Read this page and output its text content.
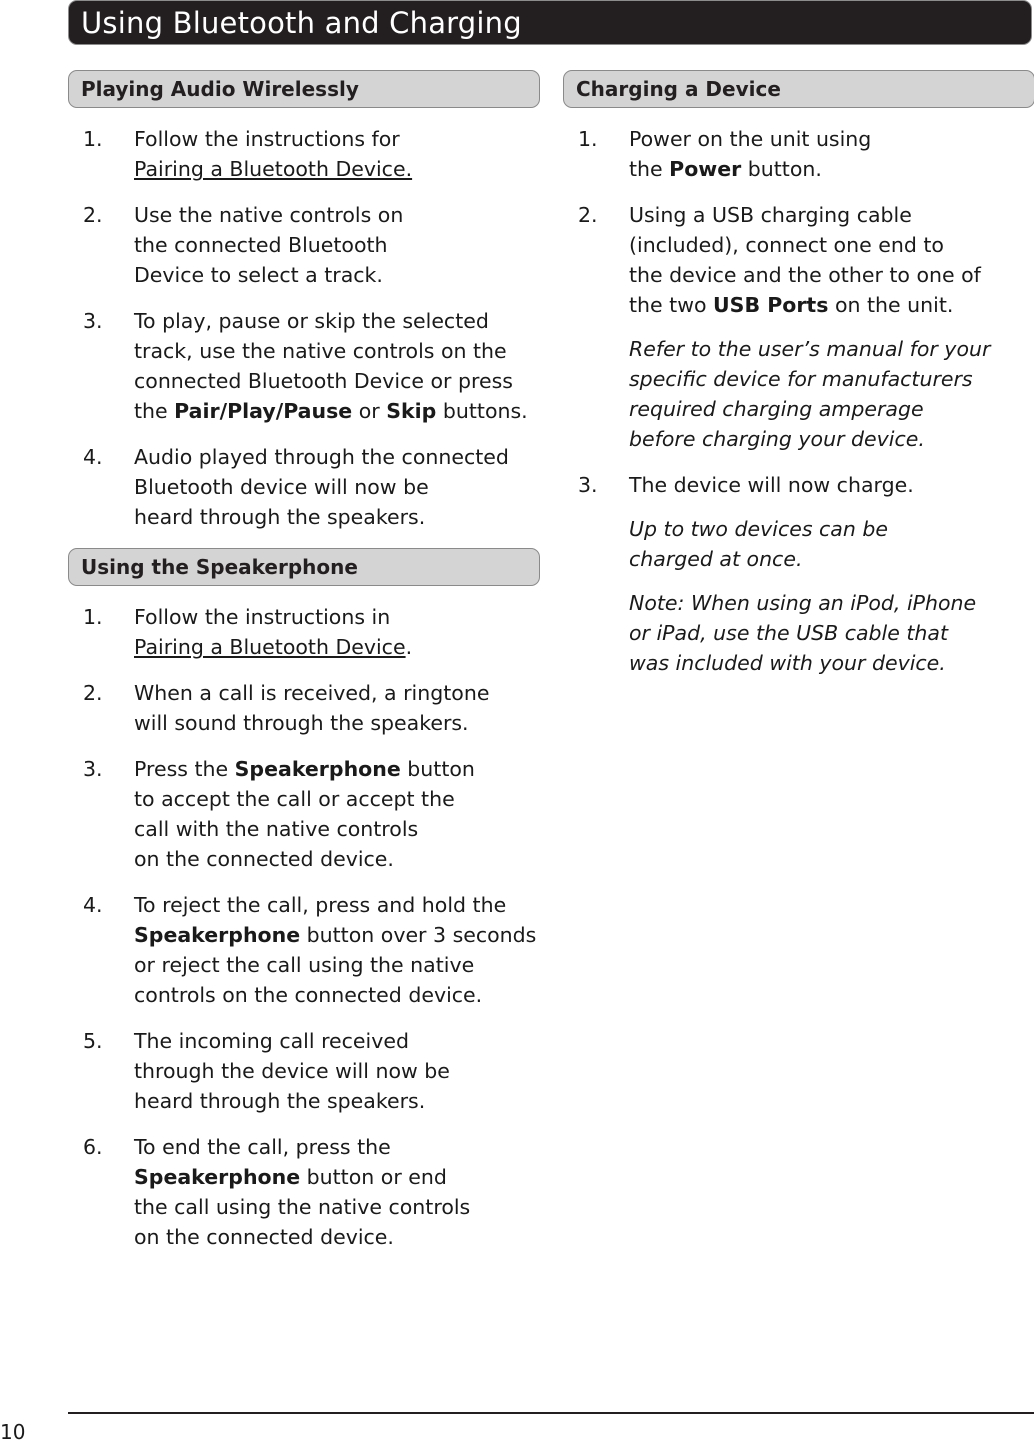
Using Bluetooth and Charging
Playing Audio Wirelessly
1. Follow the instructions for
Pairing a Bluetooth Device.
2. Use the native controls on
the connected Bluetooth
Device to select a track.
3. To play, pause or skip the selected
track, use the native controls on the
connected Bluetooth Device or press
the Pair/Play/Pause or Skip buttons.
4. Audio played through the connected
Bluetooth device will now be
heard through the speakers.
Using the Speakerphone
1. Follow the instructions in
Pairing a Bluetooth Device.
2. When a call is received, a ringtone
will sound through the speakers.
3. Press the Speakerphone button
to accept the call or accept the
call with the native controls
on the connected device.
4. To reject the call, press and hold the
Speakerphone button over 3 seconds
or reject the call using the native
controls on the connected device.
5. The incoming call received
through the device will now be
heard through the speakers.
6. To end the call, press the
Speakerphone button or end
the call using the native controls
on the connected device.
Charging a Device
1. Power on the unit using
the Power button.
2. Using a USB charging cable
(included), connect one end to
the device and the other to one of
the two USB Ports on the unit.
Refer to the user’s manual for your
specific device for manufacturers
required charging amperage
before charging your device.
3. The device will now charge.
Up to two devices can be
charged at once.
Note: When using an iPod, iPhone
or iPad, use the USB cable that
was included with your device.
10
